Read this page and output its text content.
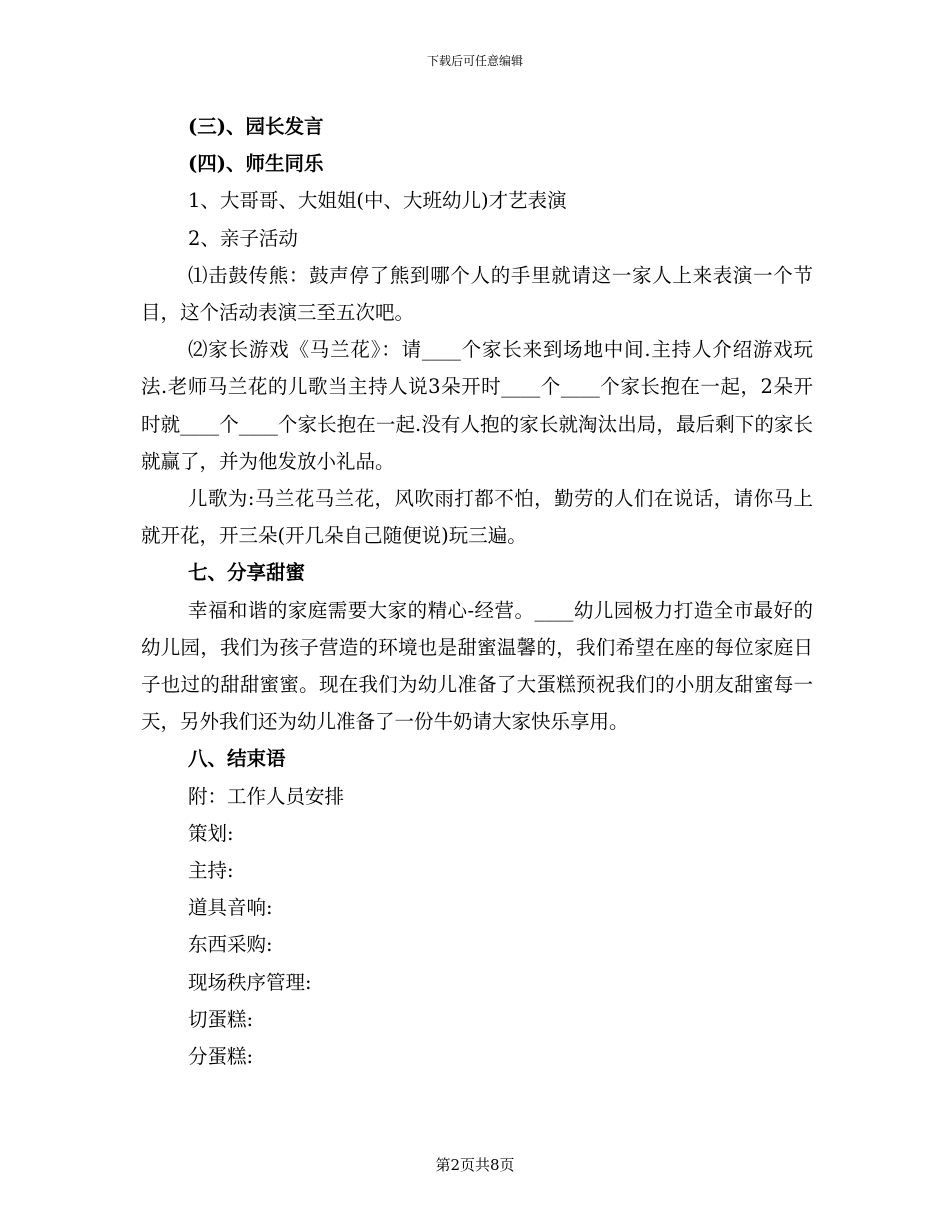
下载后可任意编辑
(三)、园长发言
(四)、师生同乐
1、大哥哥、大姐姐(中、大班幼儿)才艺表演
2、亲子活动
⑴击鼓传熊：鼓声停了熊到哪个人的手里就请这一家人上来表演一个节目，这个活动表演三至五次吧。
⑵家长游戏《马兰花》：请____个家长来到场地中间.主持人介绍游戏玩法.老师马兰花的儿歌当主持人说3朵开时____个____个家长抱在一起，2朵开时就____个____个家长抱在一起.没有人抱的家长就淘汰出局，最后剩下的家长就赢了，并为他发放小礼品。
儿歌为:马兰花马兰花，风吹雨打都不怕，勤劳的人们在说话，请你马上就开花，开三朵(开几朵自己随便说)玩三遍。
七、分享甜蜜
幸福和谐的家庭需要大家的精心-经营。____幼儿园极力打造全市最好的幼儿园，我们为孩子营造的环境也是甜蜜温馨的，我们希望在座的每位家庭日子也过的甜甜蜜蜜。现在我们为幼儿准备了大蛋糕预祝我们的小朋友甜蜜每一天，另外我们还为幼儿准备了一份牛奶请大家快乐享用。
八、结束语
附：工作人员安排
策划:
主持:
道具音响:
东西采购:
现场秩序管理:
切蛋糕:
分蛋糕:
第2页共8页
